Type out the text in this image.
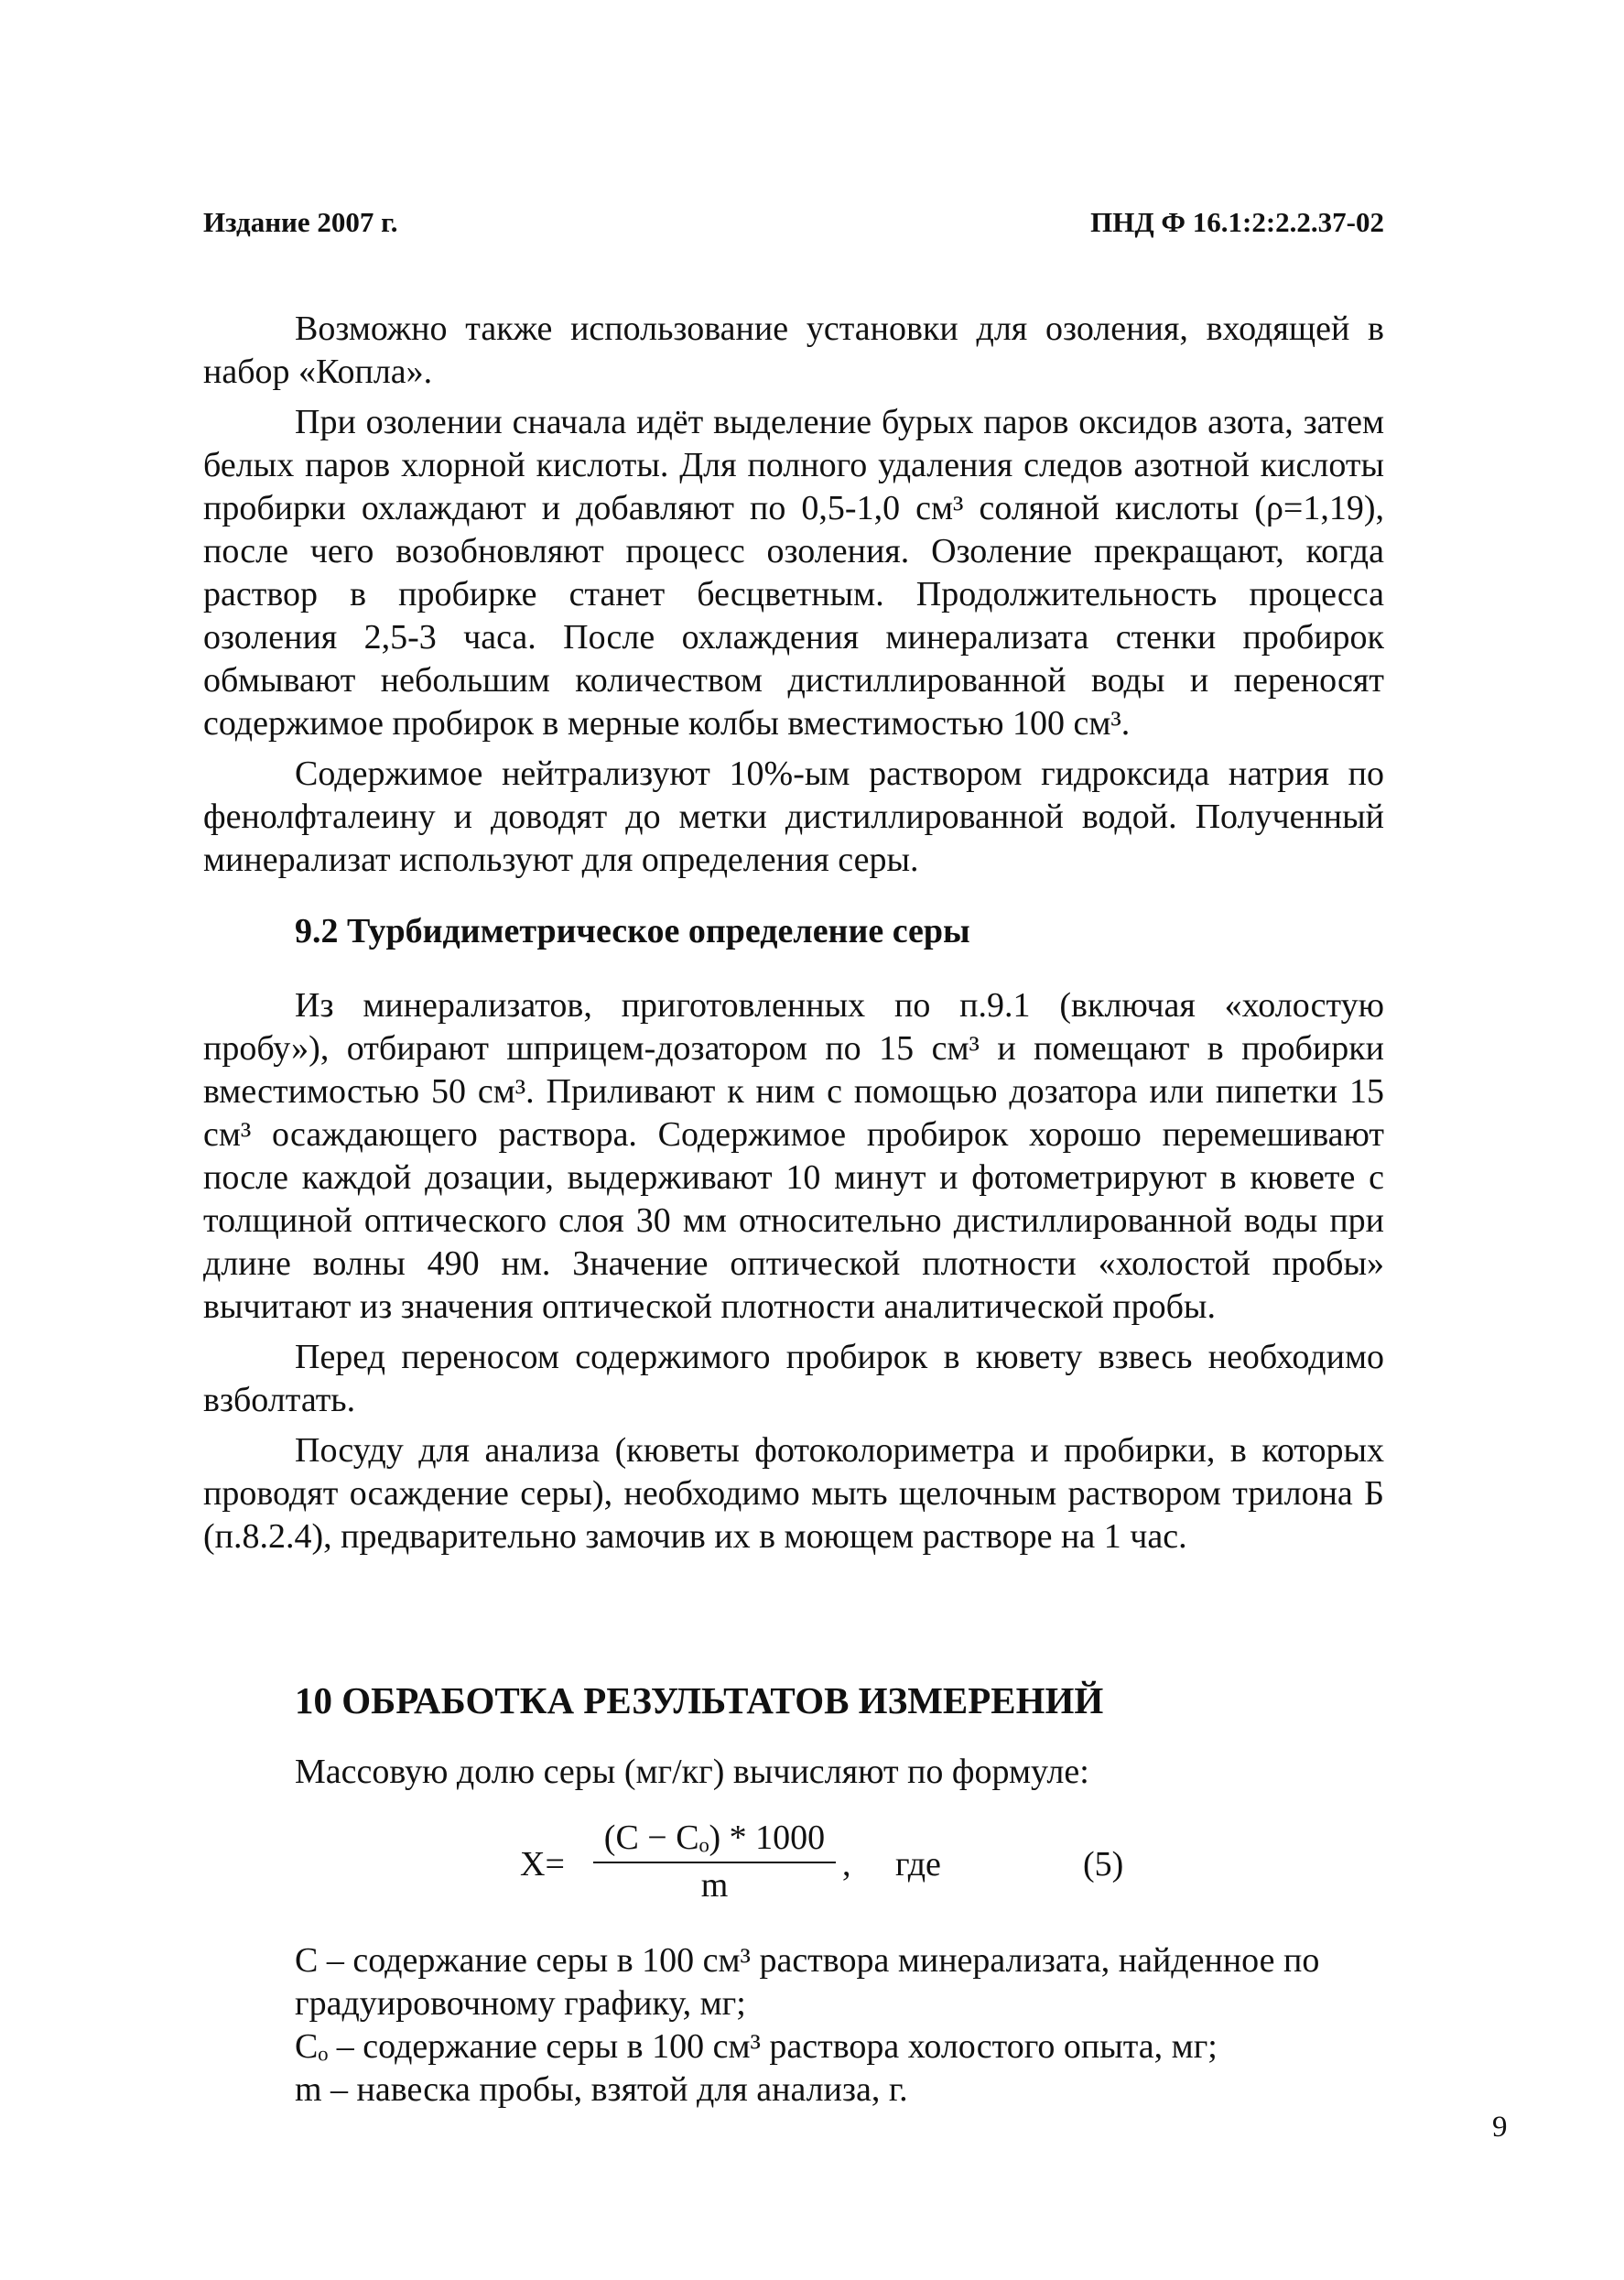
Издание 2007 г.	ПНД Ф 16.1:2:2.2.37-02

Возможно также использование установки для озоления, входящей в набор «Копла».

При озолении сначала идёт выделение бурых паров оксидов азота, затем белых паров хлорной кислоты. Для полного удаления следов азотной кислоты пробирки охлаждают и добавляют по 0,5-1,0 см³ соляной кислоты (ρ=1,19), после чего возобновляют процесс озоления. Озоление прекращают, когда раствор в пробирке станет бесцветным. Продолжительность процесса озоления 2,5-3 часа. После охлаждения минерализата стенки пробирок обмывают небольшим количеством дистиллированной воды и переносят содержимое пробирок в мерные колбы вместимостью 100 см³.

Содержимое нейтрализуют 10%-ым раствором гидроксида натрия по фенолфталеину и доводят до метки дистиллированной водой. Полученный минерализат используют для определения серы.

9.2 Турбидиметрическое определение серы

Из минерализатов, приготовленных по п.9.1 (включая «холостую пробу»), отбирают шприцем-дозатором по 15 см³ и помещают в пробирки вместимостью 50 см³. Приливают к ним с помощью дозатора или пипетки 15 см³ осаждающего раствора. Содержимое пробирок хорошо перемешивают после каждой дозации, выдерживают 10 минут и фотометрируют в кювете с толщиной оптического слоя 30 мм относительно дистиллированной воды при длине волны 490 нм. Значение оптической плотности «холостой пробы» вычитают из значения оптической плотности аналитической пробы.

Перед переносом содержимого пробирок в кювету взвесь необходимо взболтать.

Посуду для анализа (кюветы фотоколориметра и пробирки, в которых проводят осаждение серы), необходимо мыть щелочным раствором трилона Б (п.8.2.4), предварительно замочив их в моющем растворе на 1 час.

10 ОБРАБОТКА РЕЗУЛЬТАТОВ ИЗМЕРЕНИЙ
Массовую долю серы (мг/кг) вычисляют по формуле:
$X= \frac{\text{(C − Cₒ) * 1000}}{m}$ , где	(5)

C – содержание серы в 100 см³ раствора минерализата, найденное по градуировочному графику, мг;

Cₒ – содержание серы в 100 см³ раствора холостого опыта, мг;

m – навеска пробы, взятой для анализа, г.

9
